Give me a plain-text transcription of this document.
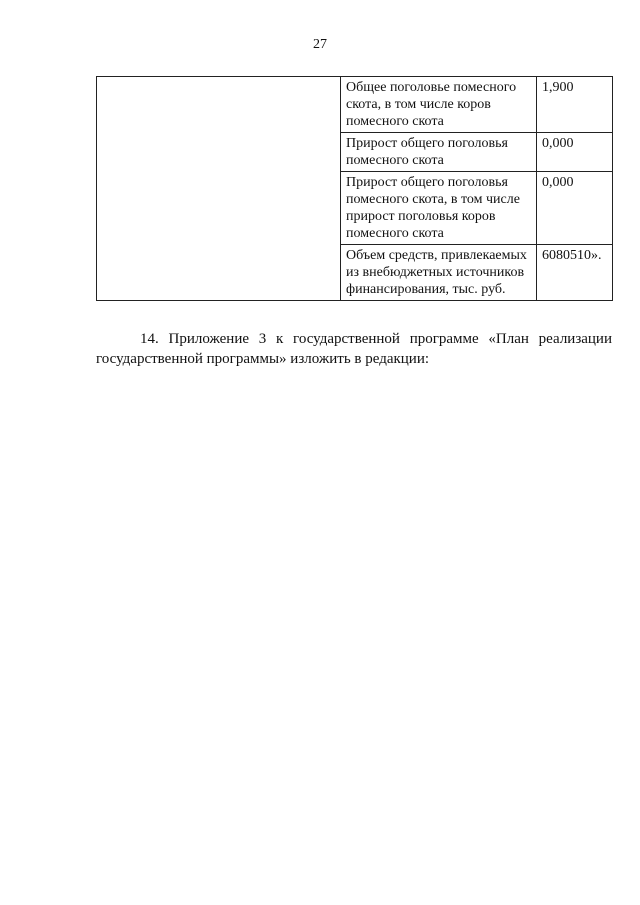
27
	Общее поголовье помесного скота, в том числе коров помесного скота	1,900
	Прирост общего поголовья помесного скота	0,000
	Прирост общего поголовья помесного скота, в том числе прирост поголовья коров помесного скота	0,000
	Объем средств, привлекаемых из внебюджетных источников финансирования, тыс. руб.	6080510».

14. Приложение 3 к государственной программе «План реализации государственной программы» изложить в редакции:
